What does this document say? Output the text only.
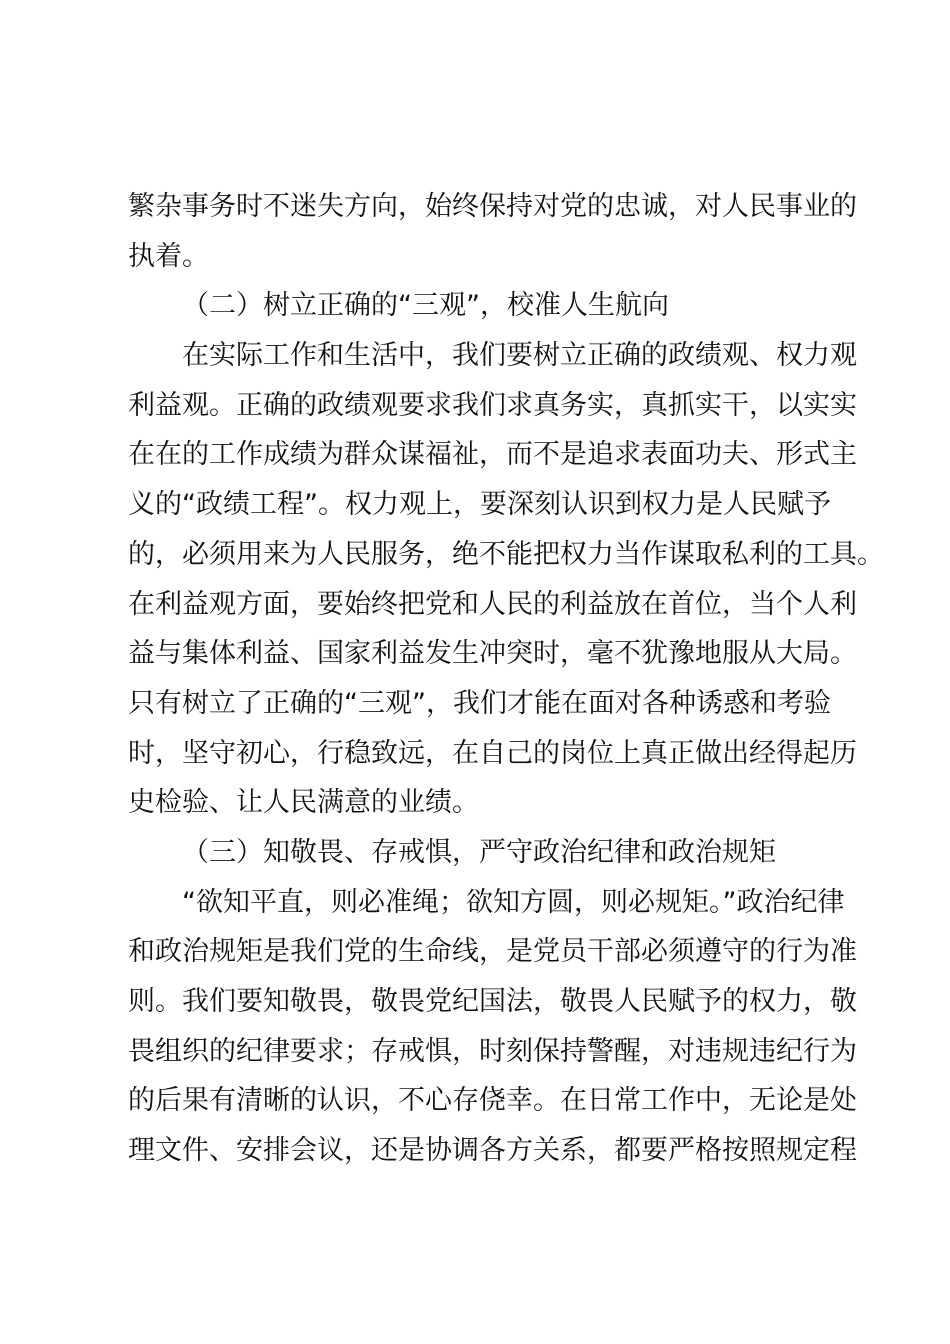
繁杂事务时不迷失方向，始终保持对党的忠诚，对人民事业的
执着。
（二）树立正确的“三观”，校准人生航向
在实际工作和生活中，我们要树立正确的政绩观、权力观
利益观。正确的政绩观要求我们求真务实，真抓实干，以实实
在在的工作成绩为群众谋福祉，而不是追求表面功夫、形式主
义的“政绩工程”。权力观上，要深刻认识到权力是人民赋予
的，必须用来为人民服务，绝不能把权力当作谋取私利的工具。
在利益观方面，要始终把党和人民的利益放在首位，当个人利
益与集体利益、国家利益发生冲突时，毫不犹豫地服从大局。
只有树立了正确的“三观”，我们才能在面对各种诱惑和考验
时，坚守初心，行稳致远，在自己的岗位上真正做出经得起历
史检验、让人民满意的业绩。
（三）知敬畏、存戒惧，严守政治纪律和政治规矩
“欲知平直，则必准绳；欲知方圆，则必规矩。”政治纪律
和政治规矩是我们党的生命线，是党员干部必须遵守的行为准
则。我们要知敬畏，敬畏党纪国法，敬畏人民赋予的权力，敬
畏组织的纪律要求；存戒惧，时刻保持警醒，对违规违纪行为
的后果有清晰的认识，不心存侥幸。在日常工作中，无论是处
理文件、安排会议，还是协调各方关系，都要严格按照规定程
